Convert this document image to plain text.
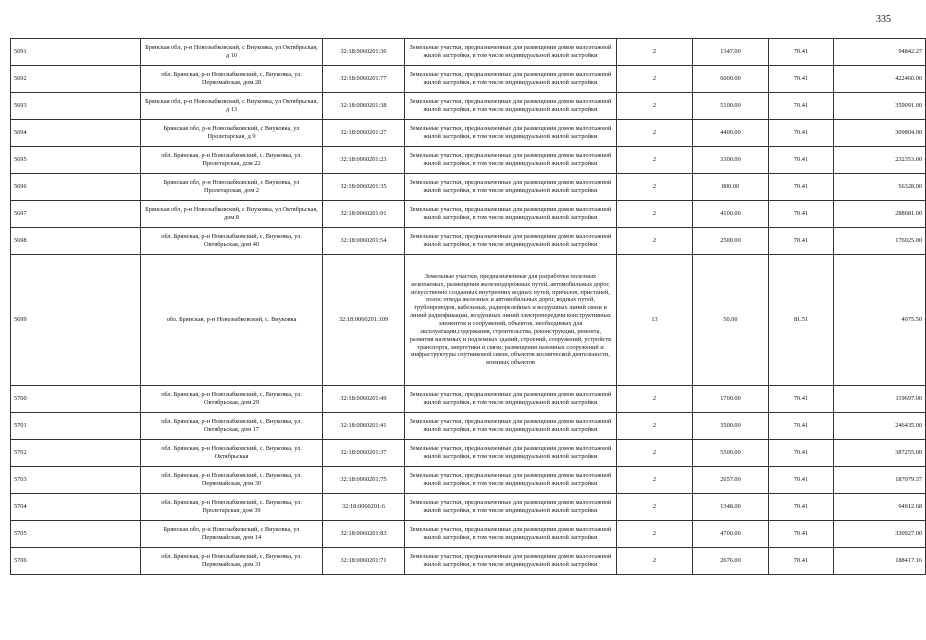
335
5691	Брянская обл, р-н Новозыбковский, с Внуковка, ул Октябрьская, д 10	32:18:0060201:36	Земельные участки, предназначенные для размещения домов малоэтажной жилой застройки, в том числе индивидуальной жилой застройки	2	1347.00	70.41	94842.27
5692	обл. Брянская, р-н Новозыбковский, с. Внуковка, ул. Первомайская, дом 28	32:18:0060201:77	Земельные участки, предназначенные для размещения домов малоэтажной жилой застройки, в том числе индивидуальной жилой застройки	2	6000.00	70.41	422460.00
5693	Брянская обл, р-н Новозыбковский, с Внуковка, ул Октябрьская, д 13	32:18:0060201:38	Земельные участки, предназначенные для размещения домов малоэтажной жилой застройки, в том числе индивидуальной жилой застройки	2	5100.00	70.41	359091.00
5694	Брянская обл, р-н Новозыбковский, с Внуковка, ул Пролетарская, д 9	32:18:0060201:27	Земельные участки, предназначенные для размещения домов малоэтажной жилой застройки, в том числе индивидуальной жилой застройки	2	4400.00	70.41	309804.00
5695	обл. Брянская, р-н Новозыбковский, с. Внуковка, ул. Пролетарская, дом 22	32:18:0060201:23	Земельные участки, предназначенные для размещения домов малоэтажной жилой застройки, в том числе индивидуальной жилой застройки	2	3300.00	70.41	232353.00
5696	Брянская обл, р-н Новозыбковский, с Внуковка, ул Пролетарская, дом 2	32:18:0060201:35	Земельные участки, предназначенные для размещения домов малоэтажной жилой застройки, в том числе индивидуальной жилой застройки	2	800.00	70.41	56328.00
5697	Брянская обл, р-н Новозыбковский, с Внуковка, ул Октябрьская, дом 8	32:18:0060201:91	Земельные участки, предназначенные для размещения домов малоэтажной жилой застройки, в том числе индивидуальной жилой застройки	2	4100.00	70.41	288681.00
5698	обл. Брянская, р-н Новозыбковский, с. Внуковка, ул. Октябрьская, дом 40	32:18:0060201:54	Земельные участки, предназначенные для размещения домов малоэтажной жилой застройки, в том числе индивидуальной жилой застройки	2	2500.00	70.41	176025.00
5699	обл. Брянская, р-н Новозыбковский, с. Внуковка	32:18:0060201:109	Земельные участки, предназначенные для разработки полезных ископаемых, размещения железнодорожных путей, автомобильных дорог, искусственно созданных внутренних водных путей, причалов, пристаней, полос отвода железных и автомобильных дорог, водных путей, трубопроводов, кабельных, радиорелейных и воздушных линий связи и линий радиофикации, воздушных линий электропередачи конструктивных элементов и сооружений, объектов, необходимых для эксплуатации,содержания, строительства, реконструкции, ремонта, развития наземных и подземных зданий, строений, сооружений, устройств транспорта, энергетики и связи; размещения наземных сооружений и инфраструктуры спутниковой связи, объектов космической деятельности, военных объектов	13	50.00	81.51	4075.50
5700	обл. Брянская, р-н Новозыбковский, с. Внуковка, ул. Октябрьская, дом 29	32:18:0060201:49	Земельные участки, предназначенные для размещения домов малоэтажной жилой застройки, в том числе индивидуальной жилой застройки	2	1700.00	70.41	119697.00
5701	обл. Брянская, р-н Новозыбковский, с. Внуковка, ул. Октябрьская, дом 17	32:18:0060201:41	Земельные участки, предназначенные для размещения домов малоэтажной жилой застройки, в том числе индивидуальной жилой застройки	2	3500.00	70.41	246435.00
5702	обл. Брянская, р-н Новозыбковский, с. Внуковка, ул. Октябрьская	32:18:0060201:37	Земельные участки, предназначенные для размещения домов малоэтажной жилой застройки, в том числе индивидуальной жилой застройки	2	5500.00	70.41	387255.00
5703	обл. Брянская, р-н Новозыбковский, с. Внуковка, ул. Первомайская, дом 30	32:18:0060201:75	Земельные участки, предназначенные для размещения домов малоэтажной жилой застройки, в том числе индивидуальной жилой застройки	2	2657.00	70.41	187079.37
5704	обл. Брянская, р-н Новозыбковский, с. Внуковка, ул. Пролетарская, дом 39	32:18:0060201:6	Земельные участки, предназначенные для размещения домов малоэтажной жилой застройки, в том числе индивидуальной жилой застройки	2	1348.00	70.41	94912.68
5705	Брянская обл, р-н Новозыбковский, с Внуковка, ул Первомайская, дом 14	32:18:0060201:83	Земельные участки, предназначенные для размещения домов малоэтажной жилой застройки, в том числе индивидуальной жилой застройки	2	4700.00	70.41	330927.00
5706	обл. Брянская, р-н Новозыбковский, с. Внуковка, ул. Первомайская, дом 31	32:18:0060201:71	Земельные участки, предназначенные для размещения домов малоэтажной жилой застройки, в том числе индивидуальной жилой застройки	2	2676.00	70.41	188417.16
